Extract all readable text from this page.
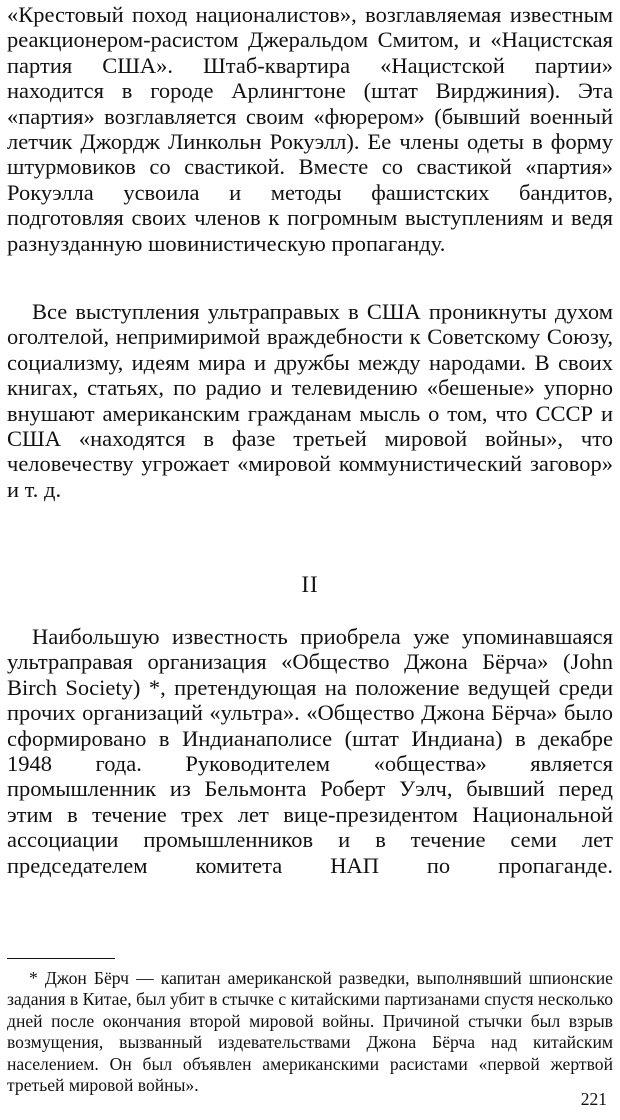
«Крестовый поход националистов», возглавляемая известным реакционером-расистом Джеральдом Смитом, и «Нацистская партия США». Штаб-квартира «Нацистской партии» находится в городе Арлингтоне (штат Вирджиния). Эта «партия» возглавляется своим «фюрером» (бывший военный летчик Джордж Линкольн Рокуэлл). Ее члены одеты в форму штурмовиков со свастикой. Вместе со свастикой «партия» Рокуэлла усвоила и методы фашистских бандитов, подготовляя своих членов к погромным выступлениям и ведя разнузданную шовинистическую пропаганду.

Все выступления ультраправых в США проникнуты духом оголтелой, непримиримой враждебности к Советскому Союзу, социализму, идеям мира и дружбы между народами. В своих книгах, статьях, по радио и телевидению «бешеные» упорно внушают американским гражданам мысль о том, что СССР и США «находятся в фазе третьей мировой войны», что человечеству угрожает «мировой коммунистический заговор» и т. д.

II

Наибольшую известность приобрела уже упоминавшаяся ультраправая организация «Общество Джона Бёрча» (John Birch Society) *, претендующая на положение ведущей среди прочих организаций «ультра». «Общество Джона Бёрча» было сформировано в Индианаполисе (штат Индиана) в декабре 1948 года. Руководителем «общества» является промышленник из Бельмонта Роберт Уэлч, бывший перед этим в течение трех лет вице-президентом Национальной ассоциации промышленников и в течение семи лет председателем комитета НАП по пропаганде.

* Джон Бёрч — капитан американской разведки, выполнявший шпионские задания в Китае, был убит в стычке с китайскими партизанами спустя несколько дней после окончания второй мировой войны. Причиной стычки был взрыв возмущения, вызванный издевательствами Джона Бёрча над китайским населением. Он был объявлен американскими расистами «первой жертвой третьей мировой войны».

221
